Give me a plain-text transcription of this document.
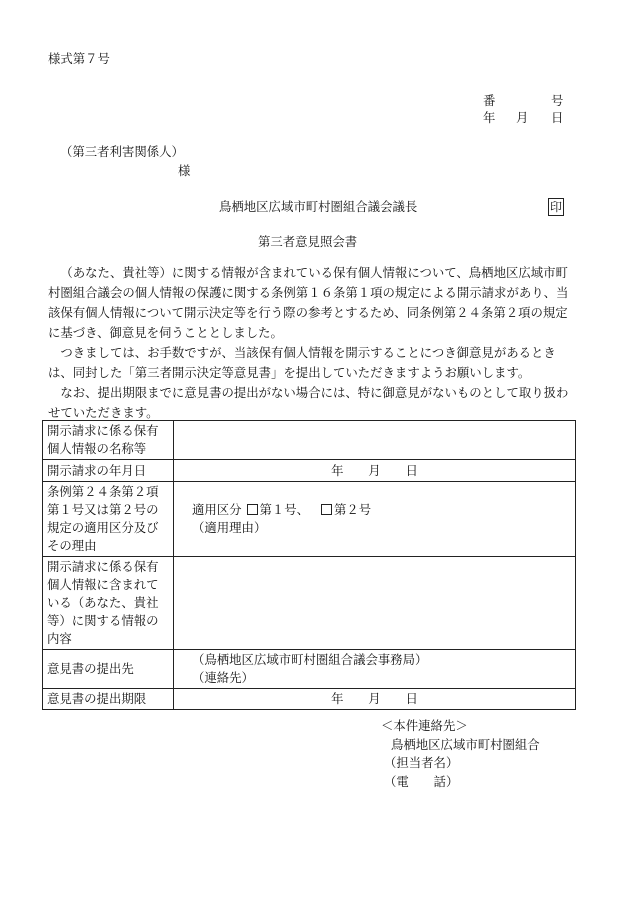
様式第７号
番	号
年 月 日
（第三者利害関係人）
様
鳥栖地区広域市町村圏組合議会議長	印
第三者意見照会書

（あなた、貴社等）に関する情報が含まれている保有個人情報について、鳥栖地区広域市町村圏組合議会の個人情報の保護に関する条例第１６条第１項の規定による開示請求があり、当該保有個人情報について開示決定等を行う際の参考とするため、同条例第２４条第２項の規定に基づき、御意見を伺うこととしました。

つきましては、お手数ですが、当該保有個人情報を開示することにつき御意見があるときは、同封した「第三者開示決定等意見書」を提出していただきますようお願いします。

なお、提出期限までに意見書の提出がない場合には、特に御意見がないものとして取り扱わせていただきます。

開示請求に係る保有個人情報の名称等	
開示請求の年月日	年　　月　　日
条例第２４条第２項第１号又は第２号の規定の適用区分及びその理由	適用区分 第１号、 第２号
（適用理由）

開示請求に係る保有個人情報に含まれている（あなた、貴社等）に関する情報の内容	
意見書の提出先	（鳥栖地区広域市町村圏組合議会事務局）
（連絡先）

意見書の提出期限	年　　月　　日
＜本件連絡先＞
鳥栖地区広域市町村圏組合
（担当者名）
（電　　話）
